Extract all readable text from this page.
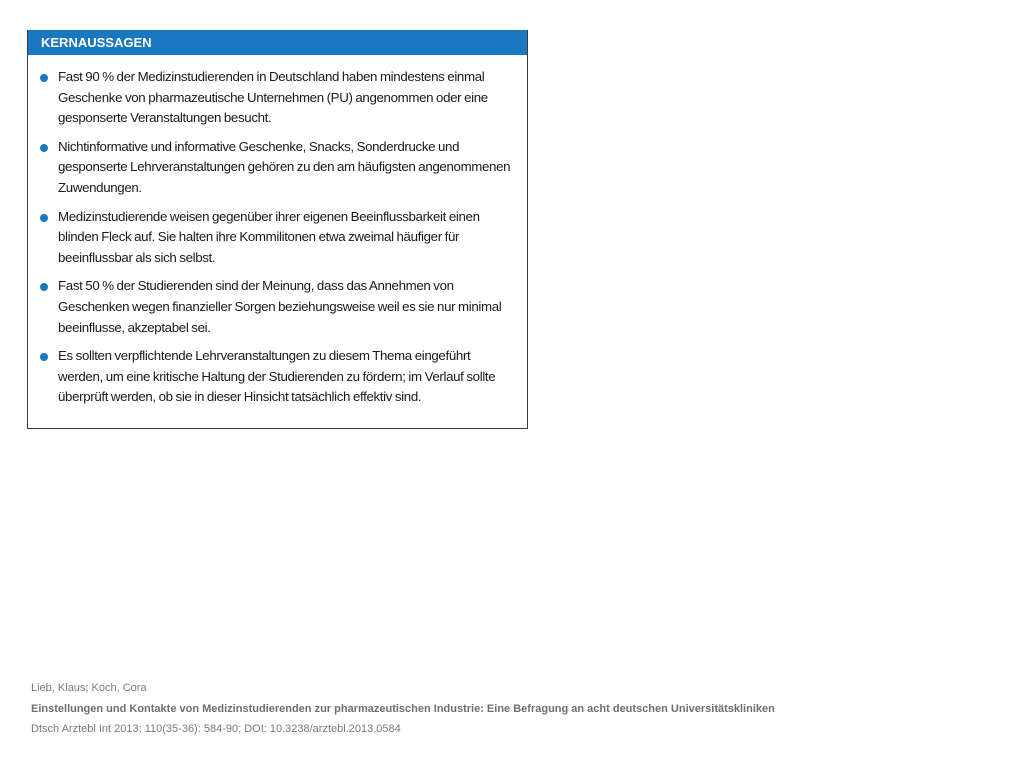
KERNAUSSAGEN
Fast 90 % der Medizinstudierenden in Deutschland haben mindestens einmal Geschenke von pharmazeutische Unternehmen (PU) angenommen oder eine gesponserte Veranstaltungen besucht.
Nichtinformative und informative Geschenke, Snacks, Sonderdrucke und gesponserte Lehrveranstaltungen gehören zu den am häufigsten angenommenen Zuwendungen.
Medizinstudierende weisen gegenüber ihrer eigenen Beeinflussbarkeit einen blinden Fleck auf. Sie halten ihre Kommilitonen etwa zweimal häufiger für beeinflussbar als sich selbst.
Fast 50 % der Studierenden sind der Meinung, dass das Annehmen von Geschenken wegen finanzieller Sorgen beziehungsweise weil es sie nur minimal beeinflusse, akzeptabel sei.
Es sollten verpflichtende Lehrveranstaltungen zu diesem Thema eingeführt werden, um eine kritische Haltung der Studierenden zu fördern; im Verlauf sollte überprüft werden, ob sie in dieser Hinsicht tatsächlich effektiv sind.
Lieb, Klaus; Koch, Cora
Einstellungen und Kontakte von Medizinstudierenden zur pharmazeutischen Industrie: Eine Befragung an acht deutschen Universitätskliniken
Dtsch Arztebl Int 2013; 110(35-36): 584-90; DOI: 10.3238/arztebl.2013.0584
